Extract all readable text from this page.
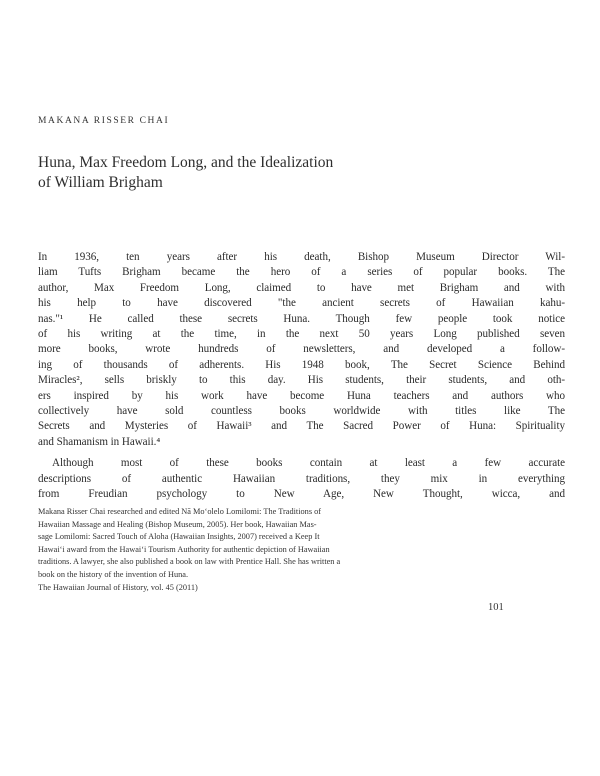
MAKANA RISSER CHAI
Huna, Max Freedom Long, and the Idealization
of William Brigham
In 1936, ten years after his death, Bishop Museum Director Wil-
liam Tufts Brigham became the hero of a series of popular books. The
author, Max Freedom Long, claimed to have met Brigham and with
his help to have discovered "the ancient secrets of Hawaiian kahu-
nas."¹ He called these secrets Huna. Though few people took notice
of his writing at the time, in the next 50 years Long published seven
more books, wrote hundreds of newsletters, and developed a follow-
ing of thousands of adherents. His 1948 book, The Secret Science Behind
Miracles², sells briskly to this day. His students, their students, and oth-
ers inspired by his work have become Huna teachers and authors who
collectively have sold countless books worldwide with titles like The
Secrets and Mysteries of Hawaii³ and The Sacred Power of Huna: Spirituality
and Shamanism in Hawaii.⁴
Although most of these books contain at least a few accurate
descriptions of authentic Hawaiian traditions, they mix in everything
from Freudian psychology to New Age, New Thought, wicca, and
Makana Risser Chai researched and edited Nā Moʻolelo Lomilomi: The Traditions of
Hawaiian Massage and Healing (Bishop Museum, 2005). Her book, Hawaiian Mas-
sage Lomilomi: Sacred Touch of Aloha (Hawaiian Insights, 2007) received a Keep It
Hawaiʻi award from the Hawaiʻi Tourism Authority for authentic depiction of Hawaiian
traditions. A lawyer, she also published a book on law with Prentice Hall. She has written a
book on the history of the invention of Huna.
The Hawaiian Journal of History, vol. 45 (2011)
101
